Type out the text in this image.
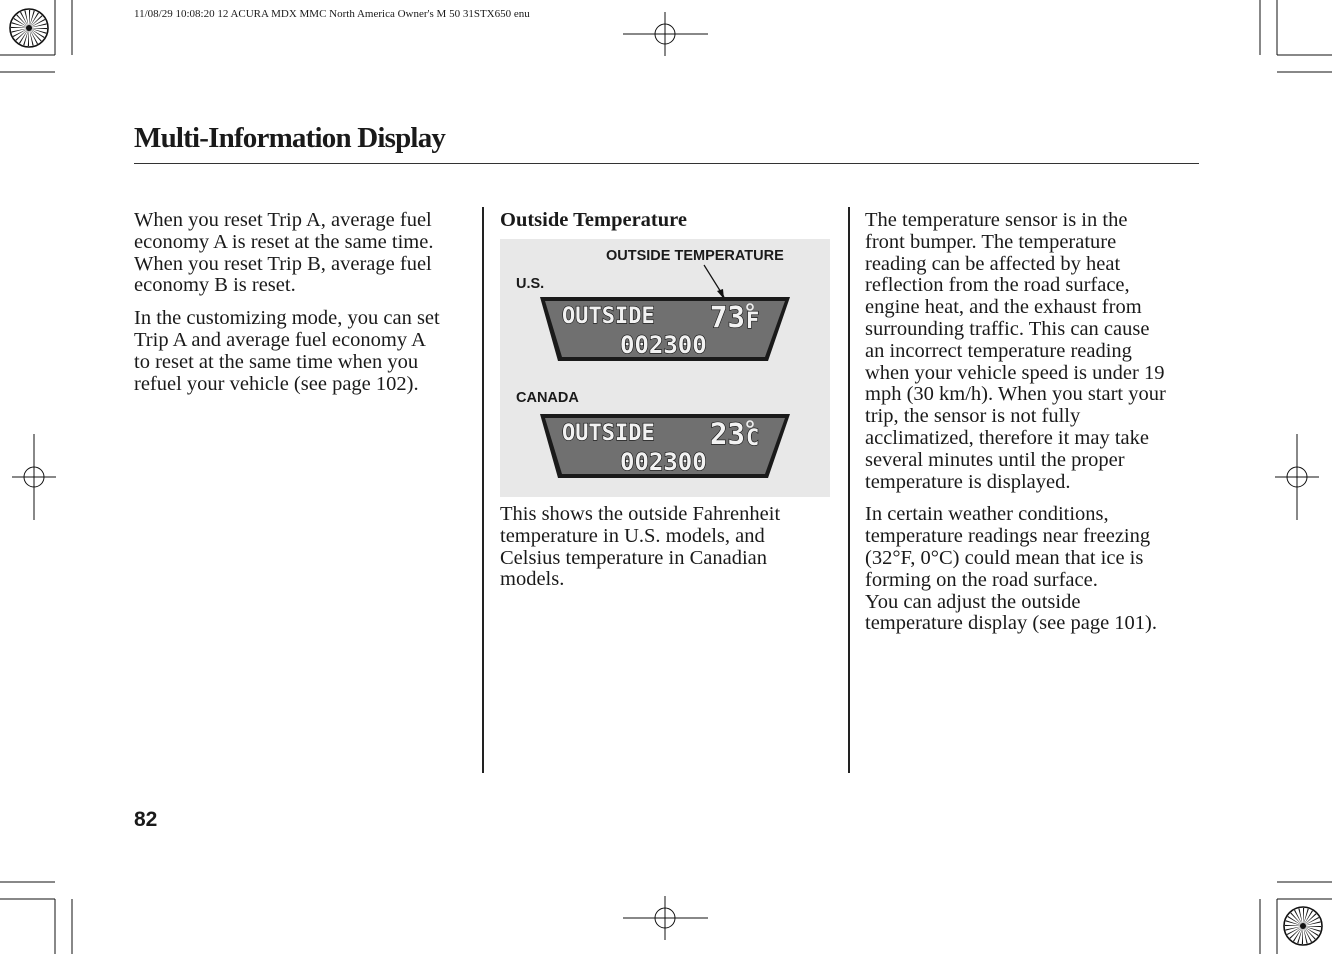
11/08/29 10:08:20 12 ACURA MDX MMC North America Owner's M 50 31STX650 enu
Multi-Information Display

When you reset Trip A, average fuel
economy A is reset at the same time.
When you reset Trip B, average fuel
economy B is reset.

In the customizing mode, you can set
Trip A and average fuel economy A
to reset at the same time when you
refuel your vehicle (see page 102).

Outside Temperature
OUTSIDE TEMPERATURE
U.S.
CANADA
OUTSIDE 73 F
002300
OUTSIDE 23 C
002300

This shows the outside Fahrenheit
temperature in U.S. models, and
Celsius temperature in Canadian
models.

The temperature sensor is in the
front bumper. The temperature
reading can be affected by heat
reflection from the road surface,
engine heat, and the exhaust from
surrounding traffic. This can cause
an incorrect temperature reading
when your vehicle speed is under 19
mph (30 km/h). When you start your
trip, the sensor is not fully
acclimatized, therefore it may take
several minutes until the proper
temperature is displayed.

In certain weather conditions,
temperature readings near freezing
(32°F, 0°C) could mean that ice is
forming on the road surface.
You can adjust the outside
temperature display (see page 101).

82
